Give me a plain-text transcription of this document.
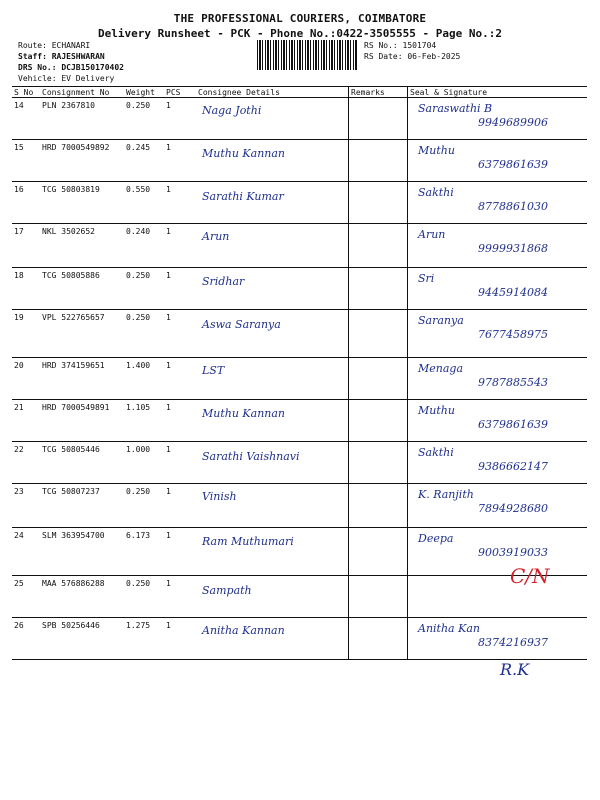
THE PROFESSIONAL COURIERS, COIMBATORE
Delivery Runsheet - PCK - Phone No.:0422-3505555 - Page No.:2
Route: ECHANARI
Staff: RAJESHWARAN
DRS No.: DCJB150170402
Vehicle: EV Delivery
RS No.: 1501704
RS Date: 06-Feb-2025
S No	Consignment No	Weight	PCS	Consignee Details	Remarks	Seal & Signature
14	PLN 2367810	0.250	1	Naga Jothi		Saraswathi B
9949689906

15	HRD 7000549892	0.245	1	Muthu Kannan		Muthu
6379861639

16	TCG 50803819	0.550	1	Sarathi Kumar		Sakthi
8778861030

17	NKL 3502652	0.240	1	Arun		Arun
9999931868

18	TCG 50805886	0.250	1	Sridhar		Sri
9445914084

19	VPL 522765657	0.250	1	Aswa Saranya		Saranya
7677458975

20	HRD 374159651	1.400	1	LST		Menaga
9787885543

21	HRD 7000549891	1.105	1	Muthu Kannan		Muthu
6379861639

22	TCG 50805446	1.000	1	Sarathi Vaishnavi		Sakthi
9386662147

23	TCG 50807237	0.250	1	Vinish		K. Ranjith
7894928680

24	SLM 363954700	6.173	1	Ram Muthumari		Deepa
9003919033

25	MAA 576886288	0.250	1	Sampath		

26	SPB 50256446	1.275	1	Anitha Kannan		Anitha Kan
8374216937
C/N
R.K
